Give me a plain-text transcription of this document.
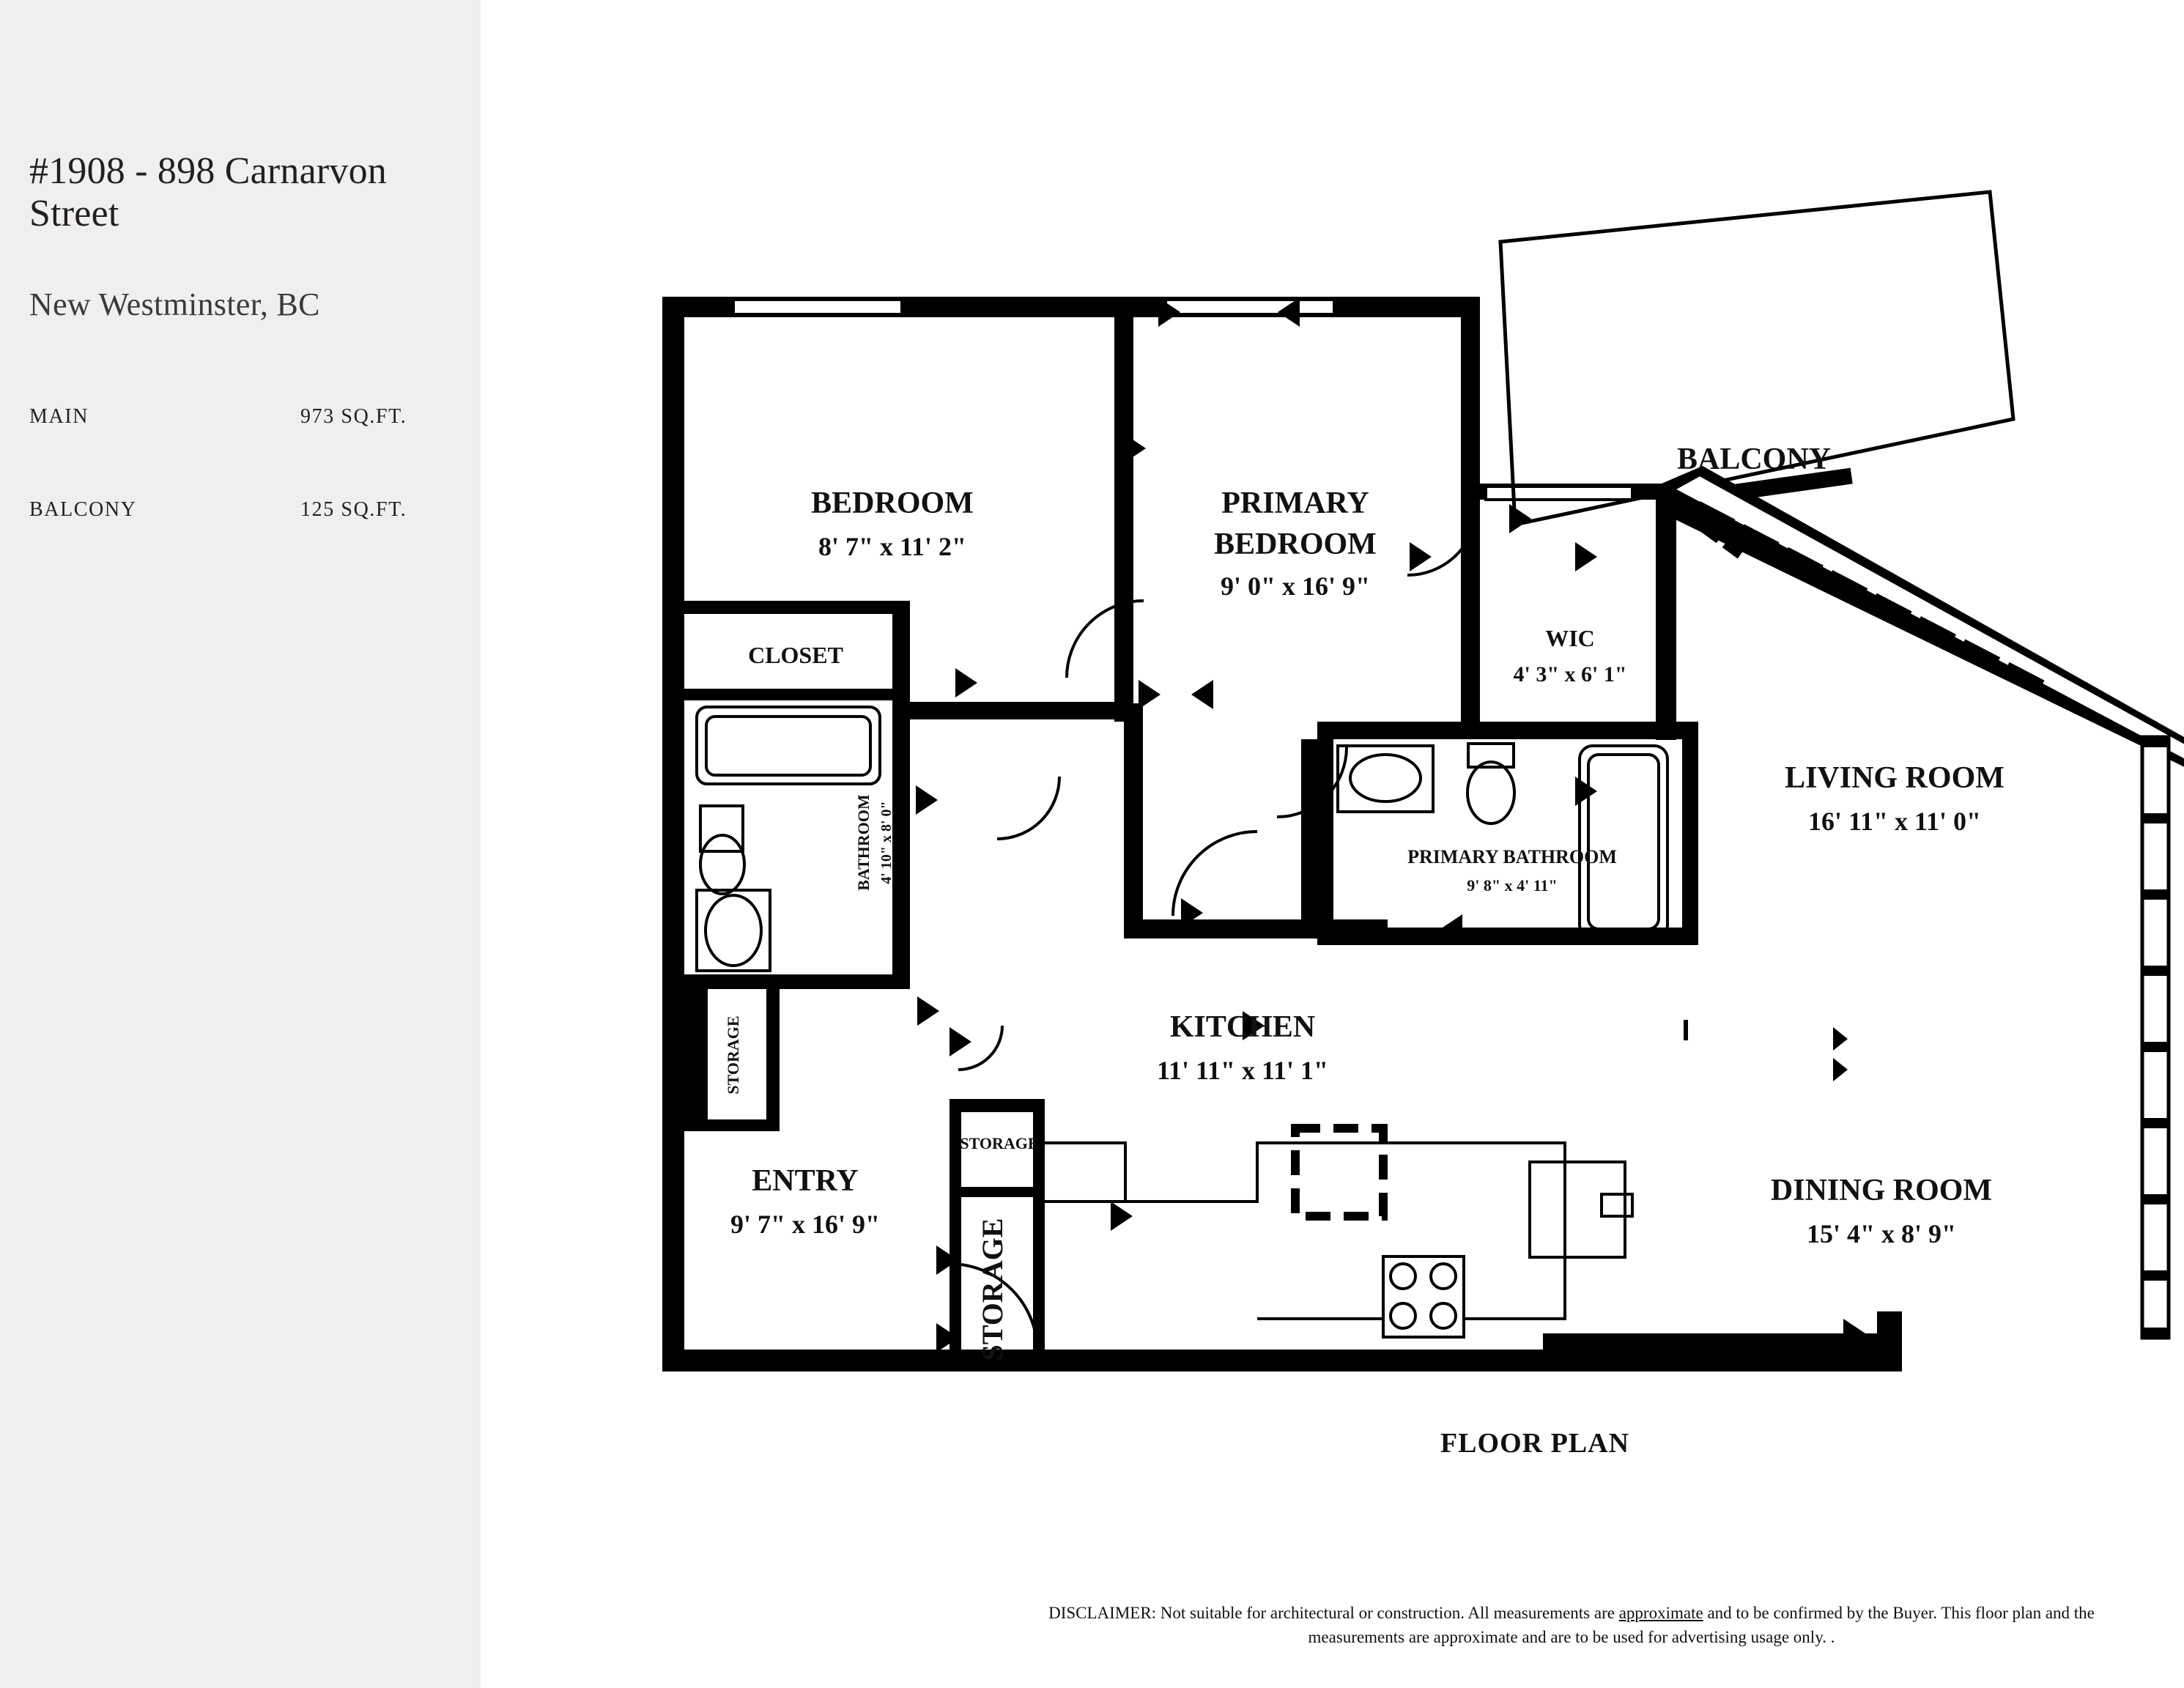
#1908 - 898 Carnarvon Street
New Westminster, BC
MAIN	973 SQ.FT.
BALCONY	125 SQ.FT.	BEDROOM
8' 7" x 11' 2"
PRIMARY
BEDROOM
9' 0" x 16' 9"
CLOSET
BATHROOM 4' 10" x 8' 0"
STORAGE
ENTRY
9' 7" x 16' 9"
STORAGE
STORAGE
KITCHEN
11' 11" x 11' 1"
WIC
4' 3" x 6' 1"
PRIMARY BATHROOM
9' 8" x 4' 11"
BALCONY
LIVING ROOM
16' 11" x 11' 0"
DINING ROOM
15' 4" x 8' 9"
FLOOR PLAN
DISCLAIMER: Not suitable for architectural or construction. All measurements are approximate and to be confirmed by the Buyer. This floor plan and the measurements are approximate and are to be used for advertising usage only. .
